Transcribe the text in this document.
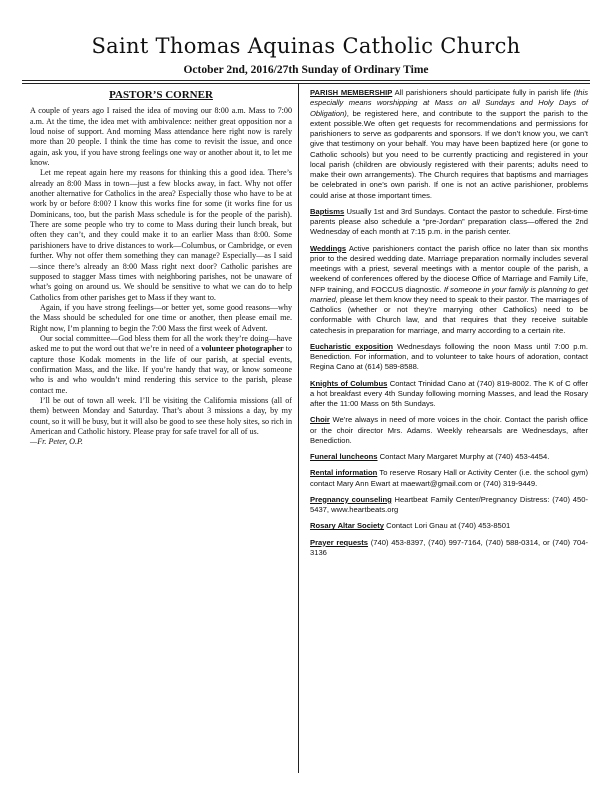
Saint Thomas Aquinas Catholic Church
October 2nd, 2016/27th Sunday of Ordinary Time
PASTOR’S CORNER

A couple of years ago I raised the idea of moving our 8:00 a.m. Mass to 7:00 a.m. At the time, the idea met with ambivalence: neither great opposition nor a loud noise of support. And morning Mass attendance here right now is rarely more than 20 people. I think the time has come to revisit the issue, and once again, ask you, if you have strong feelings one way or another about it, to let me know.

Let me repeat again here my reasons for thinking this a good idea. There’s already an 8:00 Mass in town—just a few blocks away, in fact. Why not offer another alternative for Catholics in the area? Especially those who have to be at work by or before 8:00? I know this works fine for some (it works fine for us Dominicans, too, but the parish Mass schedule is for the people of the parish). There are some people who try to come to Mass during their lunch break, but often they can’t, and they could make it to an earlier Mass than 8:00. Some parishioners have to drive distances to work—Columbus, or Cambridge, or even further. Why not offer them something they can manage? Especially—as I said—since there’s already an 8:00 Mass right next door? Catholic parishes are supposed to stagger Mass times with neighboring parishes, not be unaware of what’s going on around us. We should be sensitive to what we can do to help Catholics from other parishes get to Mass if they want to.

Again, if you have strong feelings—or better yet, some good reasons—why the Mass should be scheduled for one time or another, then please email me. Right now, I’m planning to begin the 7:00 Mass the first week of Advent.

Our social committee—God bless them for all the work they’re doing—have asked me to put the word out that we’re in need of a volunteer photographer to capture those Kodak moments in the life of our parish, at special events, confirmation Mass, and the like. If you’re handy that way, or know someone who is and who wouldn’t mind rendering this service to the parish, please contact me.

I’ll be out of town all week. I’ll be visiting the California missions (all of them) between Monday and Saturday. That’s about 3 missions a day, by my count, so it will be busy, but it will also be good to see these holy sites, so rich in American and Catholic history. Please pray for safe travel for all of us.

—Fr. Peter, O.P.

PARISH MEMBERSHIP All parishioners should participate fully in parish life (this especially means worshipping at Mass on all Sundays and Holy Days of Obligation), be registered here, and contribute to the support the parish to the extent possible.We often get requests for recommendations and permissions for parishioners to serve as godparents and sponsors. If we don’t know you, we can’t give that testimony on your behalf. You may have been baptized here (or gone to Catholic schools) but you need to be currently practicing and registered in your local parish (children are obviously registered with their parents; adults need to make their own arrangements). The Church requires that baptisms and marriages be celebrated in one’s own parish. If one is not an active parishioner, problems could arise at those important times.

Baptisms Usually 1st and 3rd Sundays. Contact the pastor to schedule. First-time parents please also schedule a “pre-Jordan” preparation class—offered the 2nd Wednesday of each month at 7:15 p.m. in the parish center.

Weddings Active parishioners contact the parish office no later than six months prior to the desired wedding date. Marriage preparation normally includes several meetings with a priest, several meetings with a mentor couple of the parish, a weekend of conferences offered by the diocese Office of Marriage and Family Life, NFP training, and FOCCUS diagnostic. If someone in your family is planning to get married, please let them know they need to speak to their pastor. The marriages of Catholics (whether or not they’re marrying other Catholics) need to be conformable with Church law, and that requires that they receive suitable catechesis in preparation for marriage, and marry according to a certain rite.

Eucharistic exposition Wednesdays following the noon Mass until 7:00 p.m. Benediction. For information, and to volunteer to take hours of adoration, contact Regina Cano at (614) 589-8588.

Knights of Columbus Contact Trinidad Cano at (740) 819-8002. The K of C offer a hot breakfast every 4th Sunday following morning Masses, and lead the Rosary after the 11:00 Mass on 5th Sundays.

Choir We’re always in need of more voices in the choir. Contact the parish office or the choir director Mrs. Adams. Weekly rehearsals are Wednesdays, after Benediction.

Funeral luncheons Contact Mary Margaret Murphy at (740) 453-4454.

Rental information To reserve Rosary Hall or Activity Center (i.e. the school gym) contact Mary Ann Ewart at maewart@gmail.com or (740) 319-9449.

Pregnancy counseling Heartbeat Family Center/Pregnancy Distress: (740) 450-5437, www.heartbeats.org

Rosary Altar Society Contact Lori Gnau at (740) 453-8501

Prayer requests (740) 453-8397, (740) 997-7164, (740) 588-0314, or (740) 704-3136
